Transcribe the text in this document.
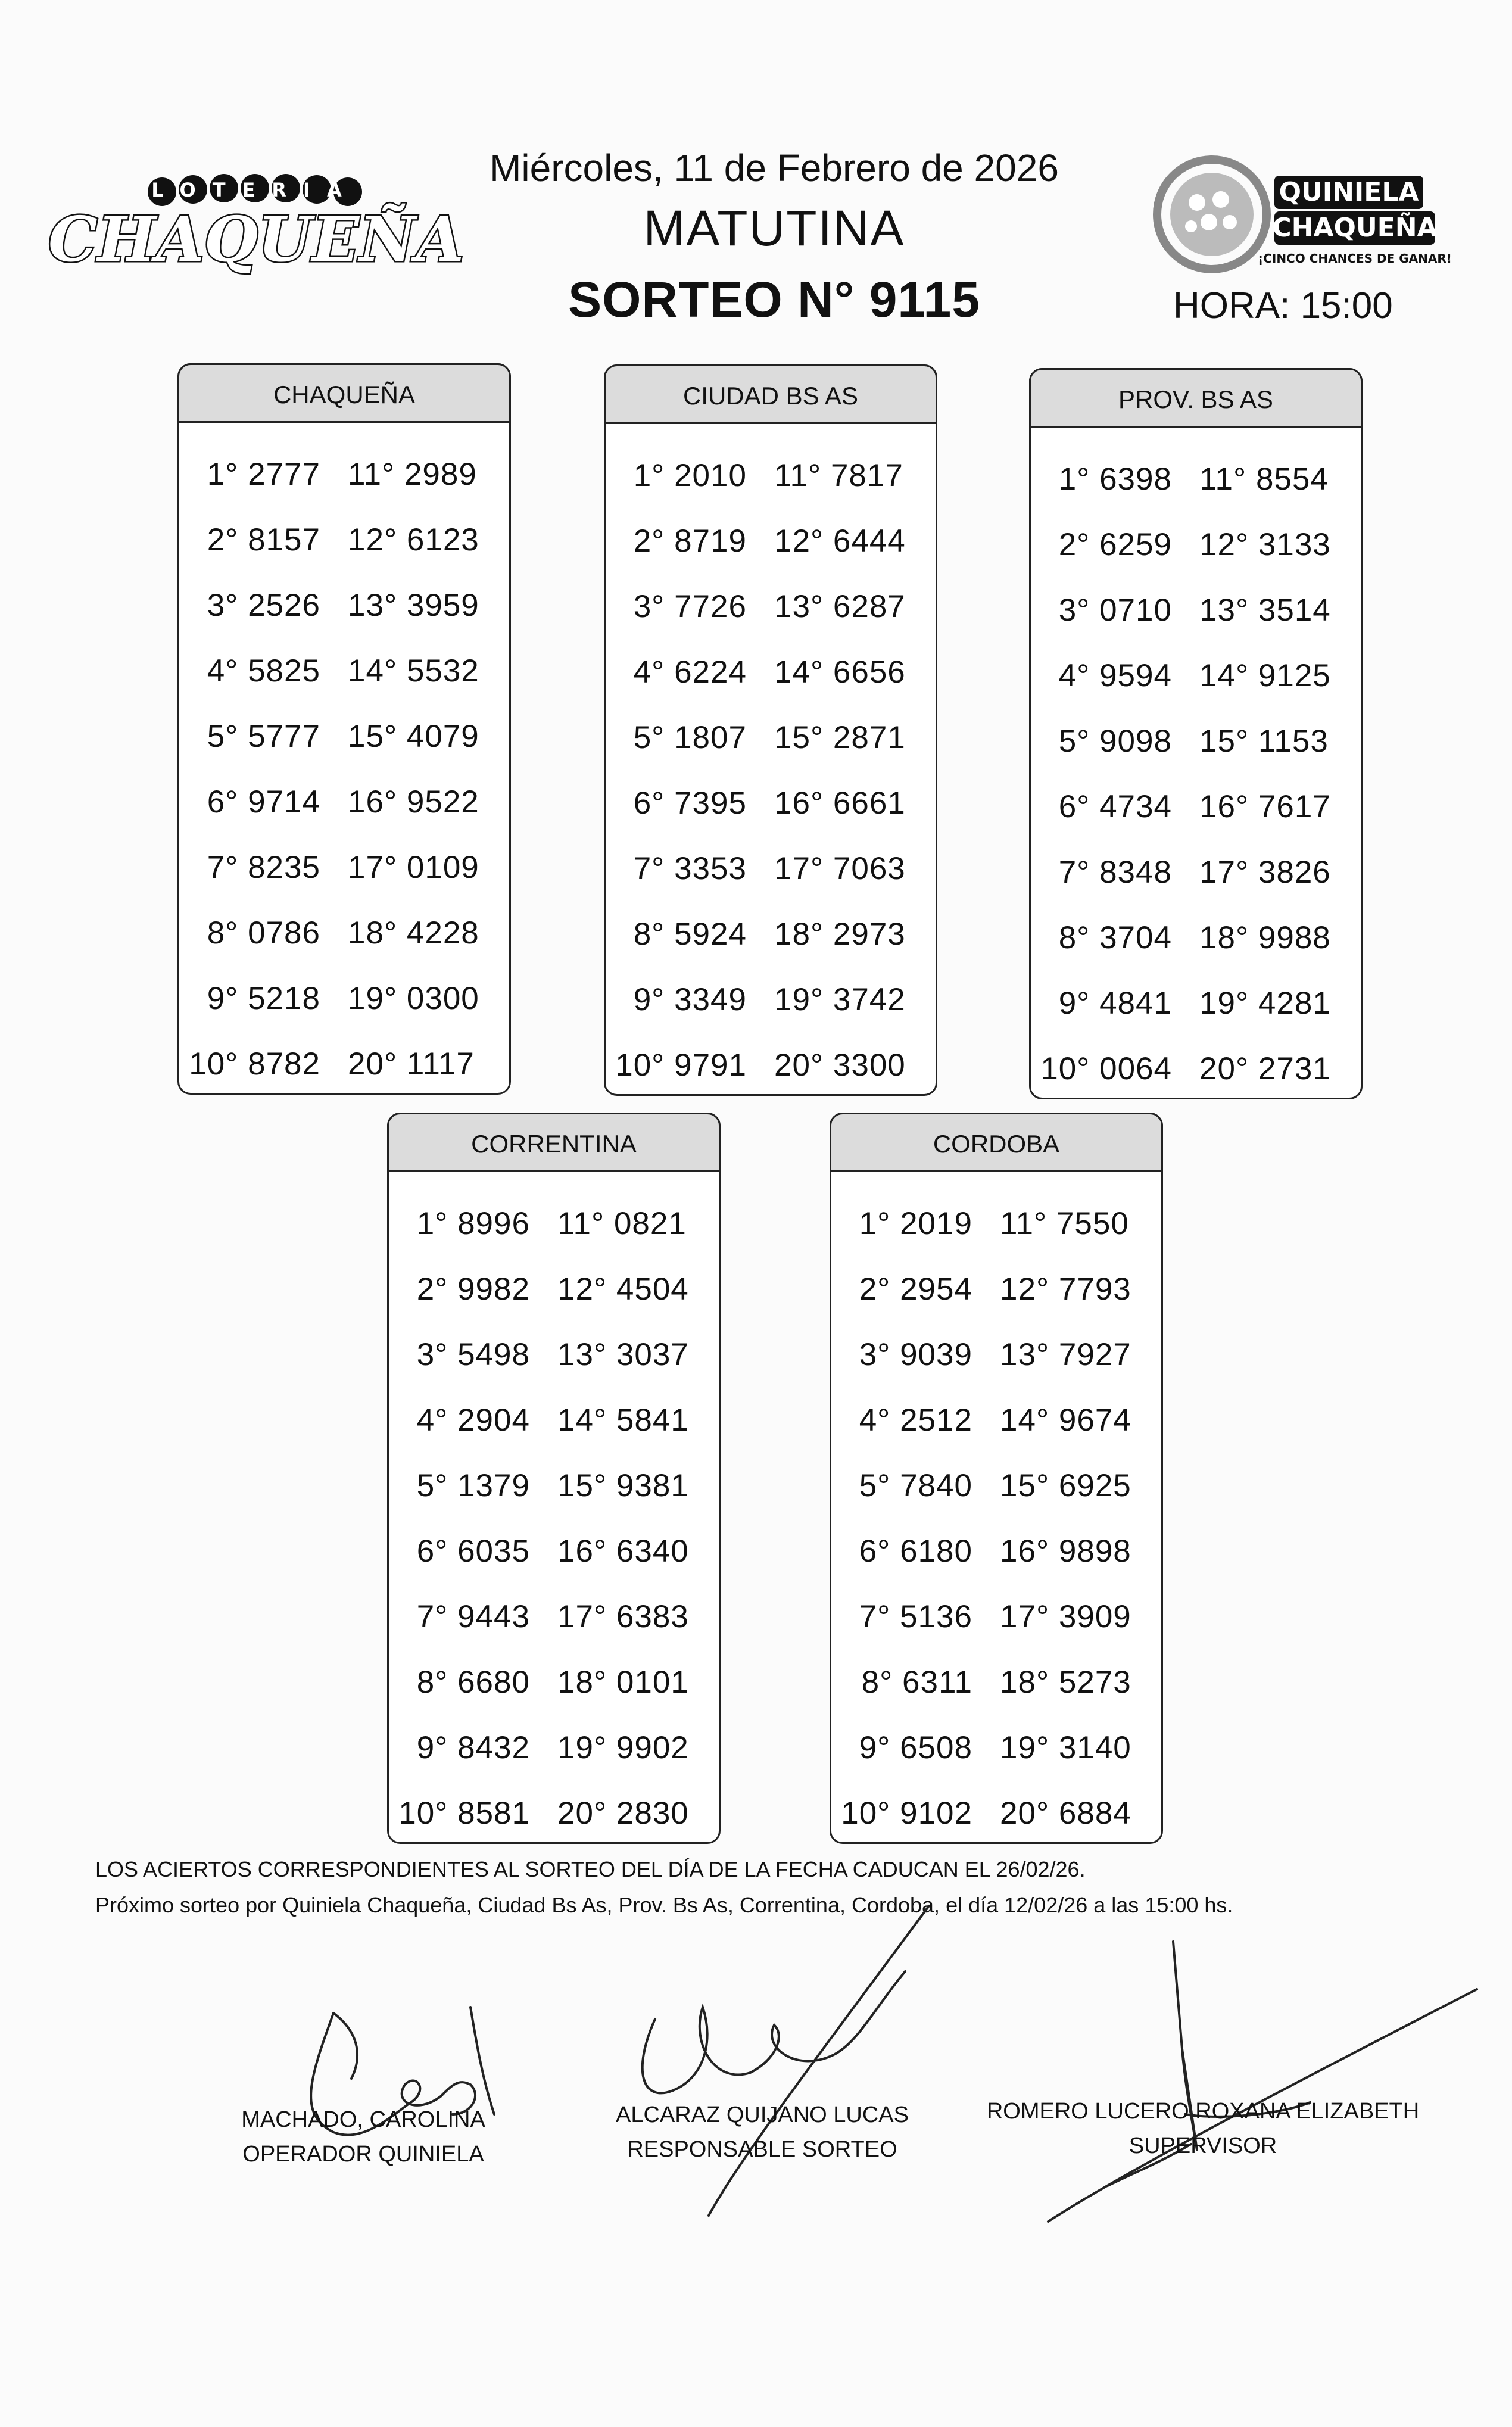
LOTERIA
CHAQUEÑA
Miércoles, 11 de Febrero de 2026
MATUTINA
SORTEO N° 9115
QUINIELA
CHAQUEÑA
¡CINCO CHANCES DE GANAR!
HORA: 15:00
CHAQUEÑA
1° 2777 11° 2989
2° 8157 12° 6123
3° 2526 13° 3959
4° 5825 14° 5532
5° 5777 15° 4079
6° 9714 16° 9522
7° 8235 17° 0109
8° 0786 18° 4228
9° 5218 19° 0300
10° 8782 20° 1117
CIUDAD BS AS
1° 2010 11° 7817
2° 8719 12° 6444
3° 7726 13° 6287
4° 6224 14° 6656
5° 1807 15° 2871
6° 7395 16° 6661
7° 3353 17° 7063
8° 5924 18° 2973
9° 3349 19° 3742
10° 9791 20° 3300
PROV. BS AS
1° 6398 11° 8554
2° 6259 12° 3133
3° 0710 13° 3514
4° 9594 14° 9125
5° 9098 15° 1153
6° 4734 16° 7617
7° 8348 17° 3826
8° 3704 18° 9988
9° 4841 19° 4281
10° 0064 20° 2731
CORRENTINA
1° 8996 11° 0821
2° 9982 12° 4504
3° 5498 13° 3037
4° 2904 14° 5841
5° 1379 15° 9381
6° 6035 16° 6340
7° 9443 17° 6383
8° 6680 18° 0101
9° 8432 19° 9902
10° 8581 20° 2830
CORDOBA
1° 2019 11° 7550
2° 2954 12° 7793
3° 9039 13° 7927
4° 2512 14° 9674
5° 7840 15° 6925
6° 6180 16° 9898
7° 5136 17° 3909
8° 6311 18° 5273
9° 6508 19° 3140
10° 9102 20° 6884
LOS ACIERTOS CORRESPONDIENTES AL SORTEO DEL DÍA DE LA FECHA CADUCAN EL 26/02/26.
Próximo sorteo por Quiniela Chaqueña, Ciudad Bs As, Prov. Bs As, Correntina, Cordoba, el día 12/02/26 a las 15:00 hs.
MACHADO, CAROLINA
OPERADOR QUINIELA
ALCARAZ QUIJANO LUCAS
RESPONSABLE SORTEO
ROMERO LUCERO ROXANA ELIZABETH
SUPERVISOR
